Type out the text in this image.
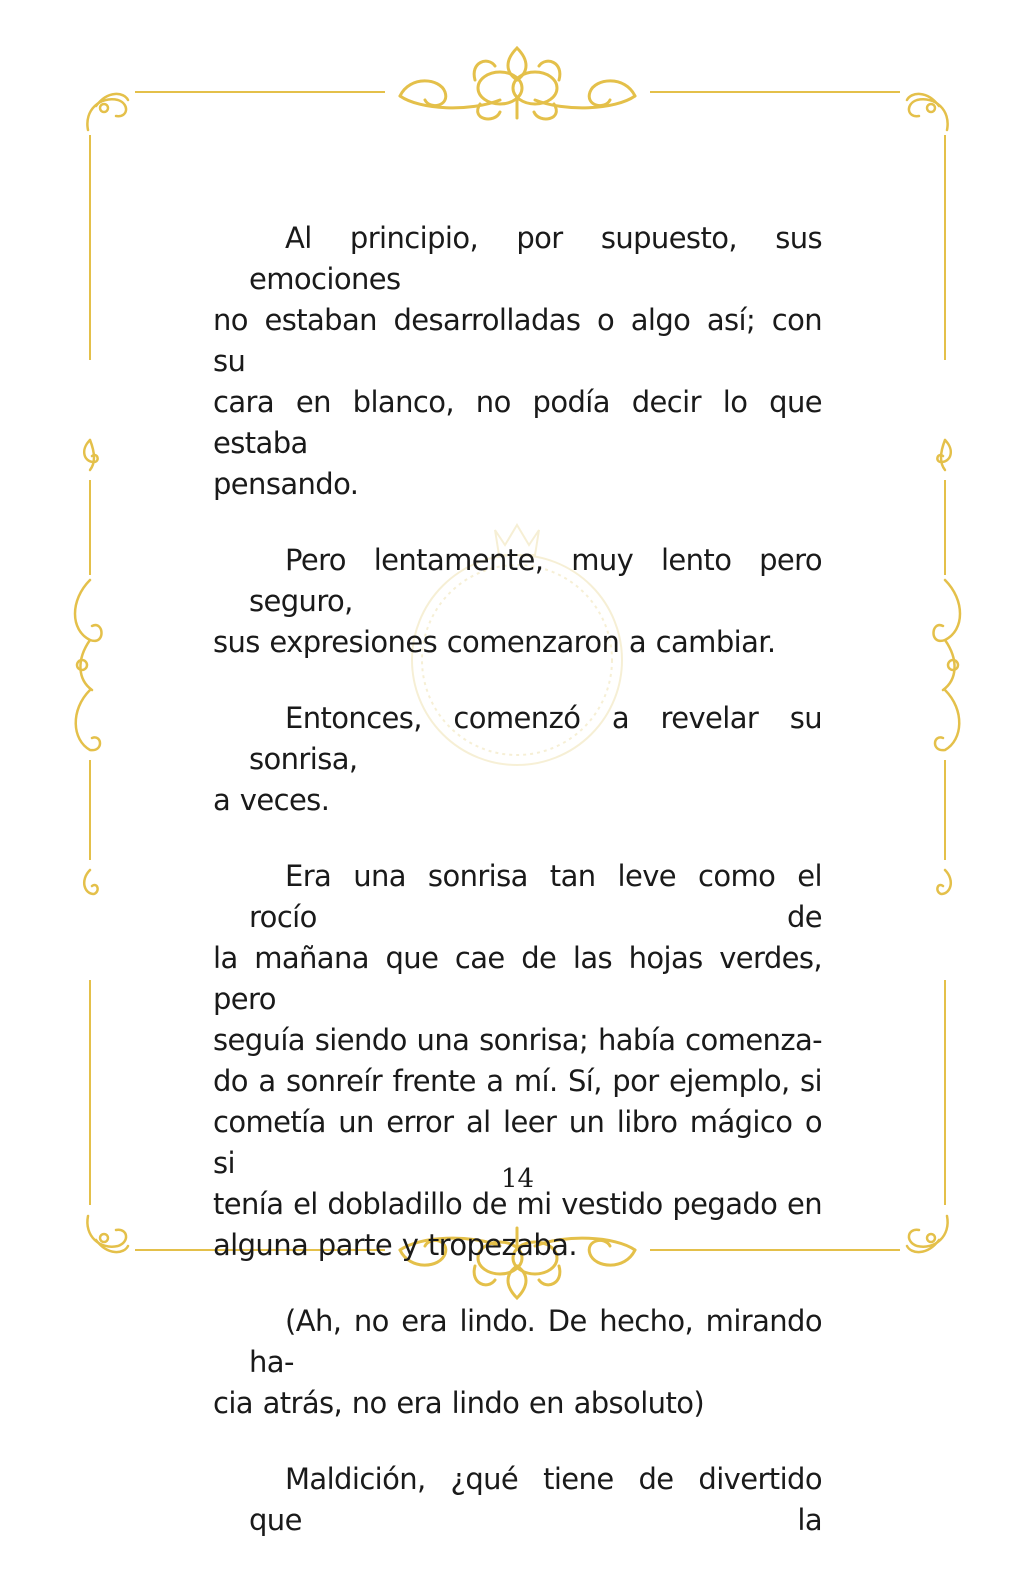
Al principio, por supuesto, sus emociones
no estaban desarrolladas o algo así; con su
cara en blanco, no podía decir lo que estaba
pensando.

Pero lentamente, muy lento pero seguro,
sus expresiones comenzaron a cambiar.

Entonces, comenzó a revelar su sonrisa,
a veces.

Era una sonrisa tan leve como el rocío de
la mañana que cae de las hojas verdes, pero
seguía siendo una sonrisa; había comenza-
do a sonreír frente a mí. Sí, por ejemplo, si
cometía un error al leer un libro mágico o si
tenía el dobladillo de mi vestido pegado en
alguna parte y tropezaba.

(Ah, no era lindo. De hecho, mirando ha-
cia atrás, no era lindo en absoluto)

Maldición, ¿qué tiene de divertido que la

14
